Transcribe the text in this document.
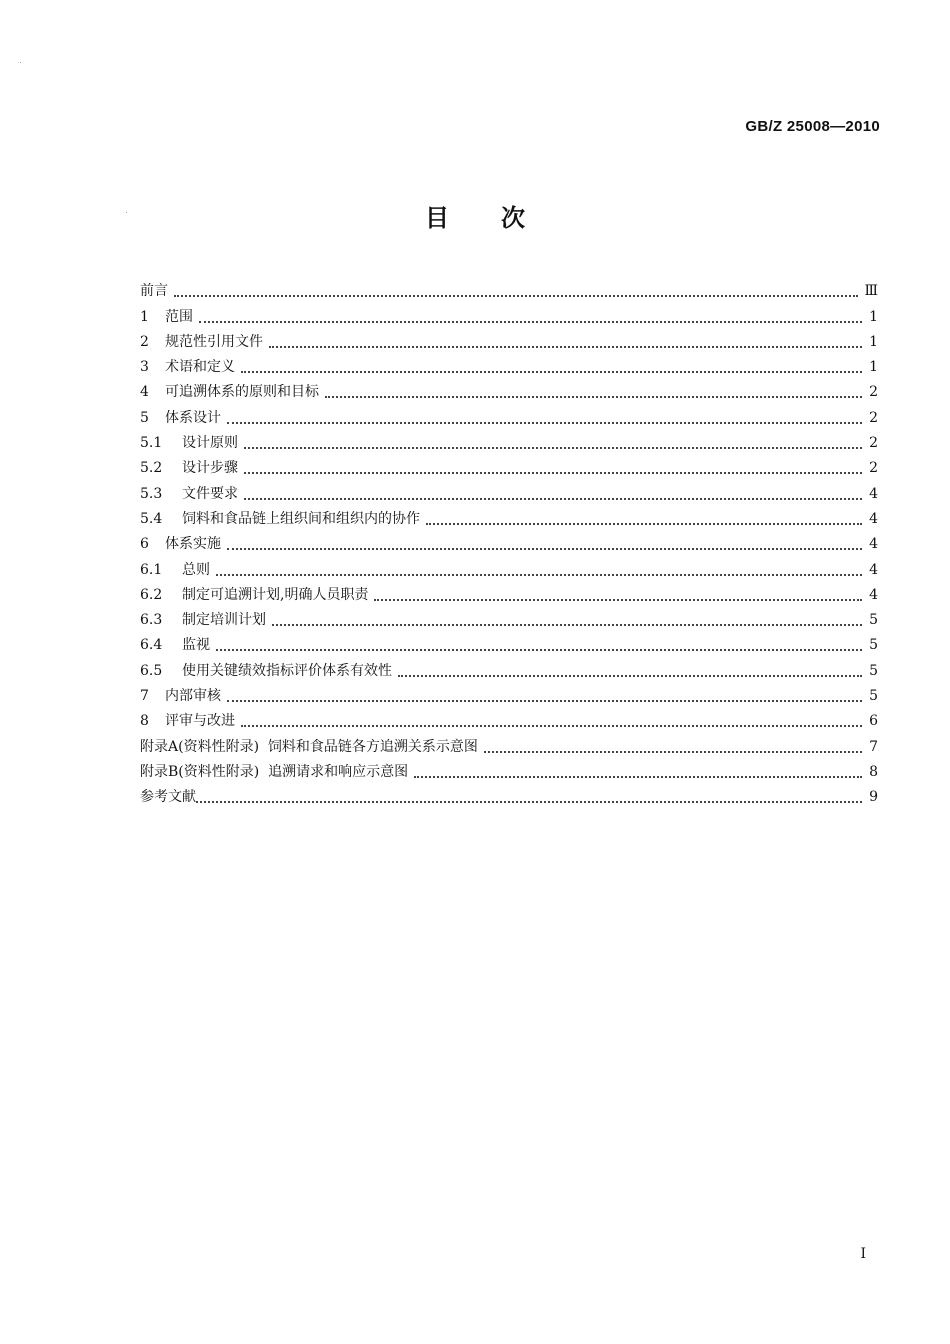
GB/Z 25008—2010
目次
前言	Ⅲ
1	范围	1
2	规范性引用文件	1
3	术语和定义	1
4	可追溯体系的原则和目标	2
5	体系设计	2
5.1	设计原则	2
5.2	设计步骤	2
5.3	文件要求	4
5.4	饲料和食品链上组织间和组织内的协作	4
6	体系实施	4
6.1	总则	4
6.2	制定可追溯计划,明确人员职责	4
6.3	制定培训计划	5
6.4	监视	5
6.5	使用关键绩效指标评价体系有效性	5
7	内部审核	5
8	评审与改进	6
附录A(资料性附录)  饲料和食品链各方追溯关系示意图	7
附录B(资料性附录)  追溯请求和响应示意图	8
参考文献	9
I
